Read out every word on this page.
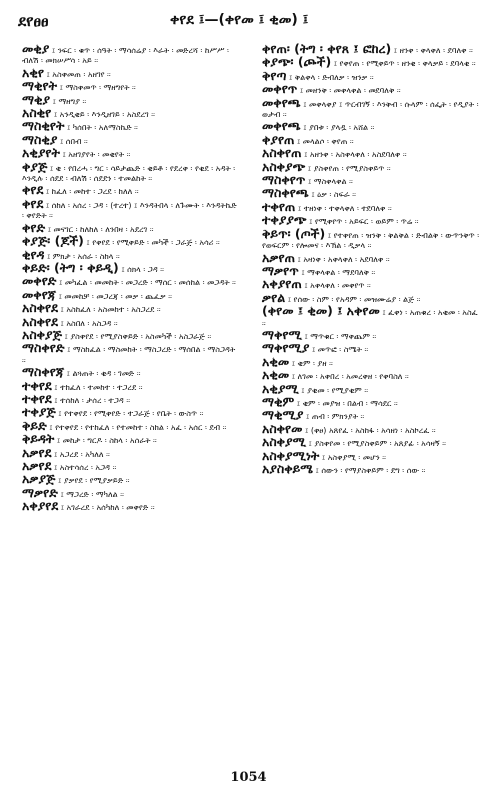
ደየፀፀ	ቀየደ ፤—(ቀየመ ፤ ቂመ) ፤
መቂያ ፤ ንፍር ፡ ቁጥ ፡ ሰዓት ፡ ማሳሰሬያ ፡ እራት ፡ መድረሻ ፡ ከሥሥ ፡ ብለሽ ፡ መክሠሥሳ ፡ አይ ።
አቂየ ፤ አስቀመጠ ፡ አዘገየ ።
ማቂየት ፤ ማስቀመጥ ፡ ማዘግየት ።
ማቂያ ፤ ማዘግያ ።
አስቂየ ፤ አንዲቂይ ፡ እንዲዘገይ ፡ አስደረገ ።
ማስቂየት ፤ ካሰበት ፡ አለማስኬድ ።
ማስቂያ ፤ ሰበብ ።
አቂያየት ፤ አዘገያየት ፡ መቂየት ።
ቀያጅ ፤ ቂ ፡ የበረሓ ፡ ግር ፡ ሳይታጨድ ፡ ቂይቶ ፡ የደረቀ ፡ የቂደ ፡ አዳት ፡ እንዲሉ ፡ ሰደደ ፡ ብለሽ ፡ ሰደደን ፡ ተመልከት ።
ቀየደ ፤ ከፈለ ፡ መከተ ፡ ጋረደ ፡ ከለለ ።
ቀየደ ፤ ሰከለ ፡ አሰረ ፡ ጋዳ ፡ (ተረተ) ፤ እንዳትበላ ፡ ለጉሙት ፡ እንዳትኬድ ፡ ቀየድት ።
ቀየድ ፤ መናገር ፡ ከለከለ ፡ ለንበዛ ፡ አደረገ ።
ቀያጅ፡ (ጆች) ፤ የቀየደ ፡ የሚቀይድ ፡ መካች ፡ ጋራጅ ፡ አሳሪ ።
ቂየዳ ፤ ምክታ ፡ አሰራ ፡ ስከላ ።
ቀይድ፡ (ትግ ፡ ቀይዲ) ፤ ሰክላ ፡ ጋዳ ።
መቀየድ ፤ መካፈል ፡ መመከት ፡ መጋረድ ፡ ማሰር ፡ መሰከል ፡ መጋዳት ።
መቀየጃ ፤ መመከቻ ፡ መጋረጃ ፡ መቃ ፡ ጨፈቃ ።
አስቀየደ ፤ አስከፈለ ፡ አስመከተ ፡ አስጋረደ ።
አስቀየደ ፤ አስበለ ፡ አስጋዳ ።
አስቀያጅ ፤ ያስቀየደ ፡ የሚያስቀይድ ፡ አስመካች ፡ አስጋራጅ ።
ማስቀየድ ፤ ማስከፈል ፡ ማስመከት ፡ ማስጋረድ ፡ ማሰበል ፡ ማስጋዳት ።
ማስቀየጃ ፤ ልጓጠት ፡ ቂዳ ፡ ገመድ ።
ተቀየደ ፤ ተከፈለ ፡ ተመከተ ፡ ተጋረደ ።
ተቀየደ ፤ ተሰከለ ፡ ታሰረ ፡ ተጋዳ ።
ተቀያጅ ፤ የተቀየደ ፡ የሚቀየድ ፡ ተጋራጅ ፡ የቤት ፡ ውስጥ ።
ቅይድ ፤ የተቀየደ ፡ የተከፈለ ፡ የተመከተ ፡ ስከል ፡ አፈ ፡ አሰር ፡ ደብ ።
ቅይዳት ፤ መከታ ፡ ግርዶ ፡ ስከላ ፡ አሰራት ።
አቃየደ ፤ አጋረደ ፡ አካለለ ።
አቃየደ ፤ አስተሳሰረ ፡ አጋዳ ።
አቃያጅ ፤ ያቃየደ ፡ የሚያቃይድ ።
ማቃየድ ፤ ማጋረድ ፡ ማካለል ።
አቀያየደ ፤ አገራረደ ፡ አሰካከለ ፡ መቀየድ ።
ቀየጠ፡ (ትግ ፡ ቀየጸ ፤ ፎከረ) ፤ ዘንቀ ፡ ቀላቀለ ፡ ደባለቀ ።
ቀያጭ፡ (ጮች) ፤ የቀየጠ ፡ የሚቀይጥ ፡ ዘንቂ ፡ ቀላቃይ ፡ ደባላቂ ።
ቅየጣ ፤ ቅልቀላ ፡ ድብለቃ ፡ ዝንቃ ።
መቀየጥ ፤ መዘንቅ ፡ መቀላቀል ፡ መደባለቅ ።
መቀየጫ ፤ መቀላቀያ ፤ ጥርብገኝ ፡ እንቅብ ፡ ሱላም ፡ ሰፌት ፡ የዲያት ፡ ወታብ ።
መቀየጫ ፤ ያበቱ ፡ ያላዷ ፡ አሸል ።
ቀያየጠ ፤ መላልሶ ፡ ቀየጠ ።
አስቀየጠ ፤ አዘንቀ ፡ አስቀላቀለ ፡ አስደባለቀ ።
አስቀያጭ ፤ ያስቀየጠ ፡ የሚያስቀይጥ ።
ማስቀየጥ ፤ ማስቀላቀል ።
ማስቀየጫ ፤ ዕቃ ፡ ስፍራ ።
ተቀየጠ ፤ ተዘነቀ ፡ ተቀላቀለ ፡ ተደባለቀ ።
ተቀያያጭ ፤ የሚቀየጥ ፡ አይፍር ፡ ወይም ፡ ጥሬ ።
ቅይጥ፡ (ጦች) ፤ የተቀየጠ ፡ ዝንቅ ፡ ቅልቅል ፡ ድብልቅ ፡ ውጥንቅጥ ፡ የወፍርም ፡ የሎመና ፡ እኽል ፡ ዲቃላ ።
አቃየጠ ፤ አዛነቀ ፡ አቀላቀለ ፡ አደባለቀ ።
ማቃየጥ ፤ ማቀላቀል ፡ ማደባለቅ ።
አቀያየጠ ፤ አቀላቀለ ፡ መቀየጥ ።
ቃየል ፤ የሰው ፡ ስም ፡ የአዳም ፡ መዝሙሬያ ፡ ልጅ ።
(ቀየመ ፤ ቂመ) ፤ አቀየመ ፤ ፈቀነ ፡ አጠቁረ ፡ አቂመ ፡ አስፈ ።
ማቀየሚ ፤ ማጥቁር ፡ ማቀጨም ።
ማቀየሚያ ፤ መጥፎ ፡ ስሜት ።
አቂመ ፤ ቂም ፡ ያዘ ።
አቂመ ፤ ለገመ ፡ አቀበረ ፡ አመረቀዘ ፡ የቀባስለ ።
አቂያሚ ፤ ያቂመ ፡ የሚያቂም ።
ማቂም ፤ ቂም ፡ መያዝ ፡ በልብ ፡ ማሳደር ።
ማቂሚያ ፤ ጠብ ፡ ምክንያት ።
አስቀየመ ፤ (ቀፀ) አጸየፈ ፡ አስከፋ ፡ አሳዘነ ፡ አስኮረፈ ።
አስቀያሚ ፤ ያስቀየመ ፡ የሚያስቀይም ፡ አጸያፊ ፡ አሳዛኝ ።
አስቀያሚነት ፤ አስቀያሚ ፡ መሆን ።
አያስቀይሜ ፤ ሰውን ፡ የማያስቀይም ፡ ደግ ፡ ሰው ።
1054
